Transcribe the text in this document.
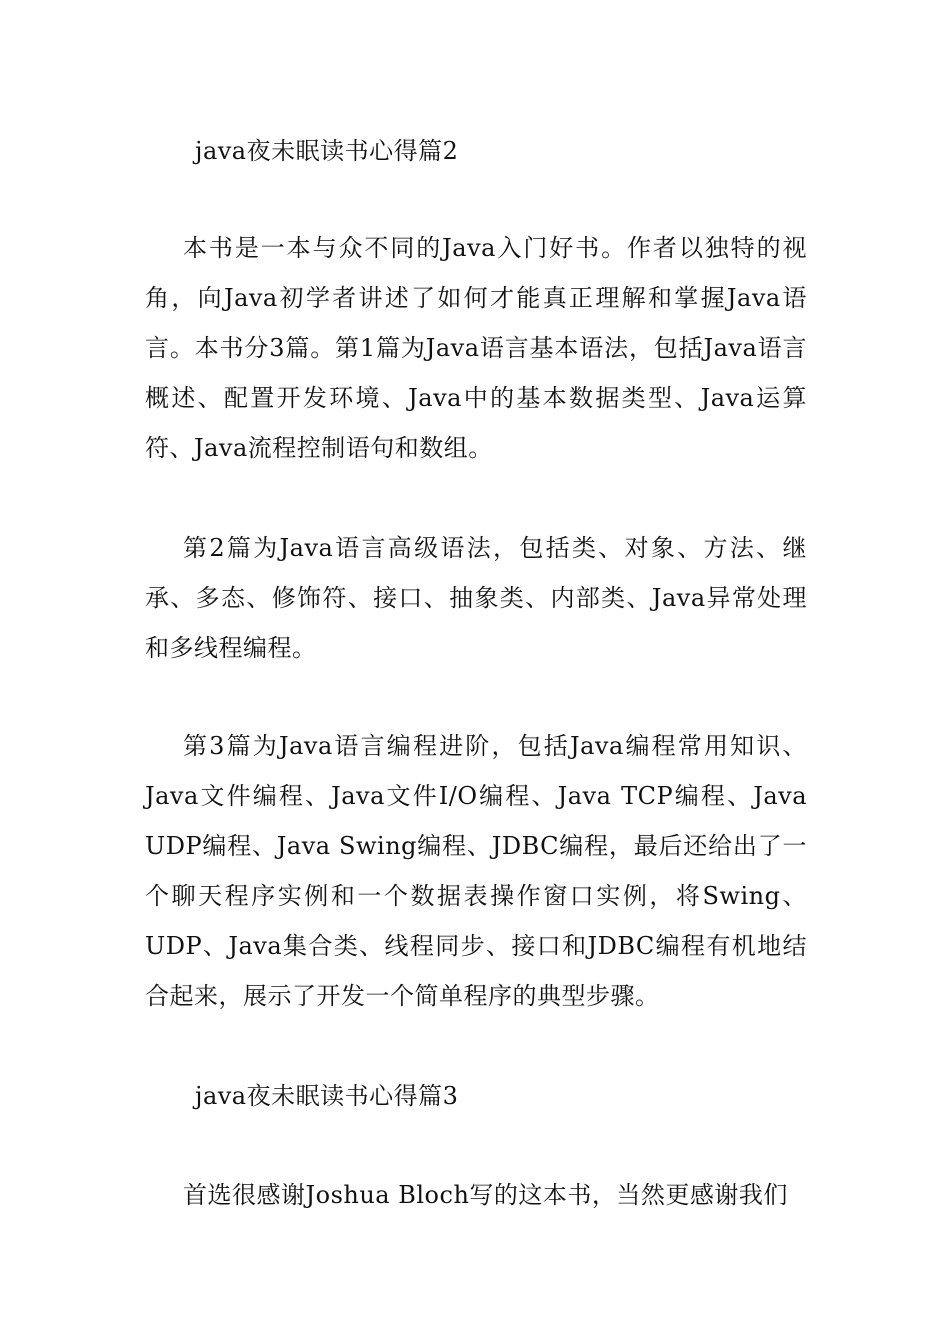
java夜未眠读书心得篇2
本书是一本与众不同的Java入门好书。作者以独特的视角，向Java初学者讲述了如何才能真正理解和掌握Java语言。本书分3篇。第1篇为Java语言基本语法，包括Java语言概述、配置开发环境、Java中的基本数据类型、Java运算符、Java流程控制语句和数组。
第2篇为Java语言高级语法，包括类、对象、方法、继承、多态、修饰符、接口、抽象类、内部类、Java异常处理和多线程编程。
第3篇为Java语言编程进阶，包括Java编程常用知识、Java文件编程、Java文件I/O编程、Java TCP编程、Java UDP编程、Java Swing编程、JDBC编程，最后还给出了一个聊天程序实例和一个数据表操作窗口实例，将Swing、UDP、Java集合类、线程同步、接口和JDBC编程有机地结合起来，展示了开发一个简单程序的典型步骤。
java夜未眠读书心得篇3
首选很感谢Joshua Bloch写的这本书，当然更感谢我们
